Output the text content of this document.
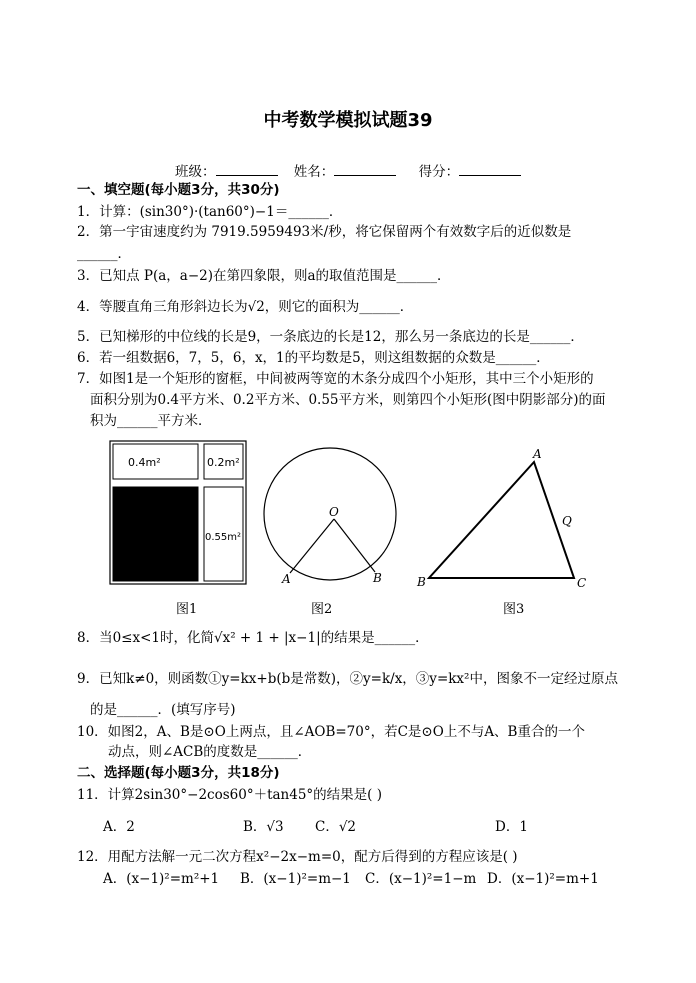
中考数学模拟试题39
班级：	姓名：	得分：
一、填空题(每小题3分，共30分)
1．计算：(sin30°)·(tan60°)−1＝______．
2．第一宇宙速度约为 7919.5959493米/秒，将它保留两个有效数字后的近似数是
______．
3．已知点 P(a，a−2)在第四象限，则a的取值范围是______．
4．等腰直角三角形斜边长为√2，则它的面积为______．
5．已知梯形的中位线的长是9，一条底边的长是12，那么另一条底边的长是______．
6．若一组数据6，7，5，6，x，1的平均数是5，则这组数据的众数是______．
7．如图1是一个矩形的窗框，中间被两等宽的木条分成四个小矩形，其中三个小矩形的
面积分别为0.4平方米、0.2平方米、0.55平方米，则第四个小矩形(图中阴影部分)的面
积为______平方米．
0.4m²	0.2m²
0.55m²
O
A	B
A
B	C
Q
图1	图2	图3
8．当0≤x<1时，化简√x² + 1 + |x−1|的结果是______．
9．已知k≠0，则函数①y=kx+b(b是常数)，②y=k/x，③y=kx²中，图象不一定经过原点
的是______．(填写序号)
10．如图2，A、B是⊙O上两点，且∠AOB=70°，若C是⊙O上不与A、B重合的一个
动点，则∠ACB的度数是______．
二、选择题(每小题3分，共18分)
11．计算2sin30°−2cos60°＋tan45°的结果是( )
A．2	B．√3 C．√2	D．1
12．用配方法解一元二次方程x²−2x−m=0，配方后得到的方程应该是( )
A．(x−1)²=m²+1 B．(x−1)²=m−1 C．(x−1)²=1−m D．(x−1)²=m+1
